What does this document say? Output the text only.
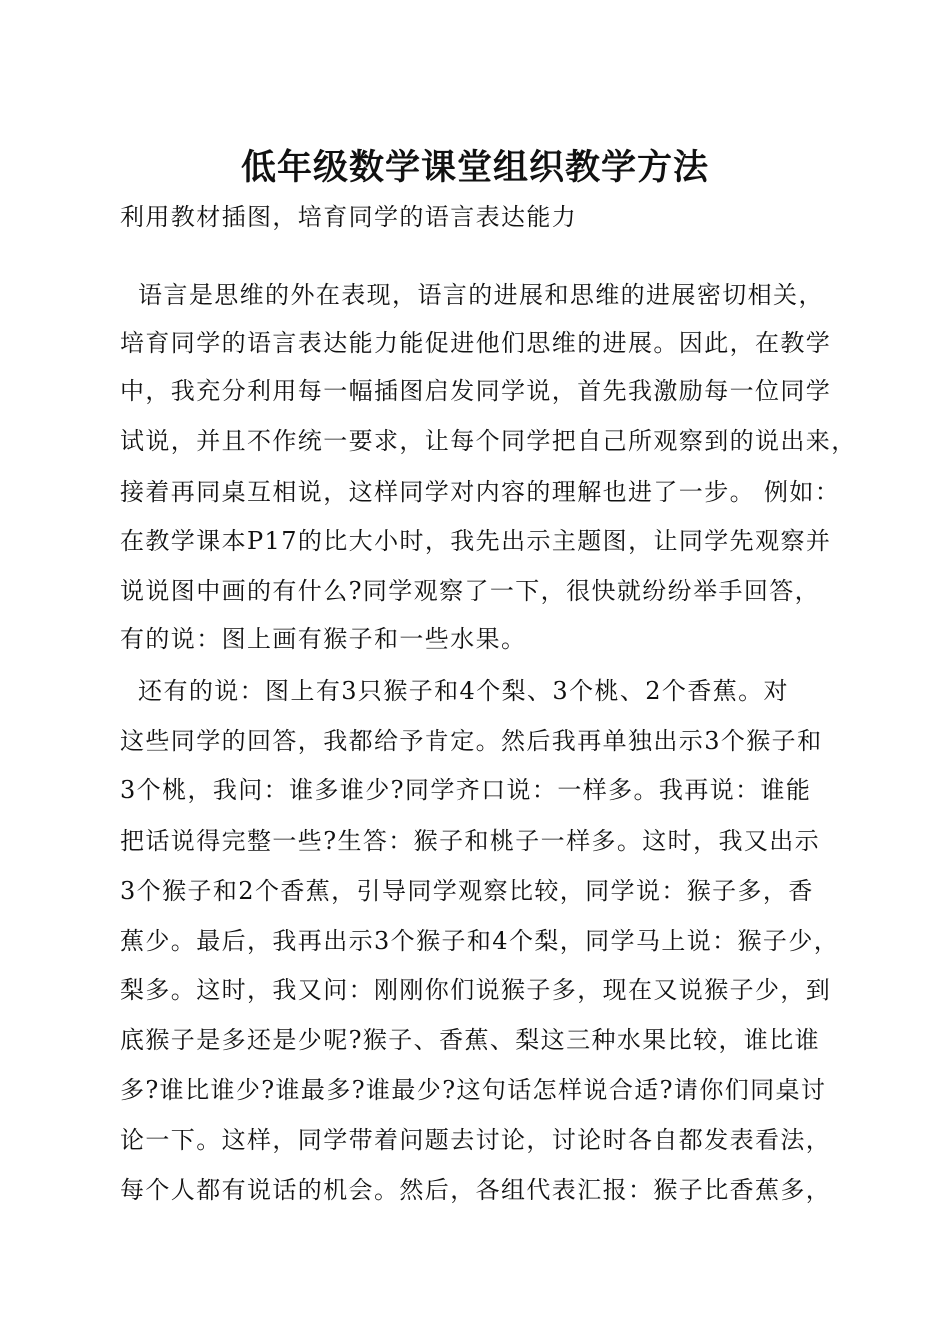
低年级数学课堂组织教学方法
利用教材插图，培育同学的语言表达能力
语言是思维的外在表现，语言的进展和思维的进展密切相关，
培育同学的语言表达能力能促进他们思维的进展。因此，在教学
中，我充分利用每一幅插图启发同学说，首先我激励每一位同学
试说，并且不作统一要求，让每个同学把自己所观察到的说出来，
接着再同桌互相说，这样同学对内容的理解也进了一步。 例如：
在教学课本P17的比大小时，我先出示主题图，让同学先观察并
说说图中画的有什么?同学观察了一下，很快就纷纷举手回答，
有的说：图上画有猴子和一些水果。
还有的说：图上有3只猴子和4个梨、3个桃、2个香蕉。对
这些同学的回答，我都给予肯定。然后我再单独出示3个猴子和
3个桃，我问：谁多谁少?同学齐口说：一样多。我再说：谁能
把话说得完整一些?生答：猴子和桃子一样多。这时，我又出示
3个猴子和2个香蕉，引导同学观察比较，同学说：猴子多，香
蕉少。最后，我再出示3个猴子和4个梨，同学马上说：猴子少，
梨多。这时，我又问：刚刚你们说猴子多，现在又说猴子少，到
底猴子是多还是少呢?猴子、香蕉、梨这三种水果比较，谁比谁
多?谁比谁少?谁最多?谁最少?这句话怎样说合适?请你们同桌讨
论一下。这样，同学带着问题去讨论，讨论时各自都发表看法，
每个人都有说话的机会。然后，各组代表汇报：猴子比香蕉多，
